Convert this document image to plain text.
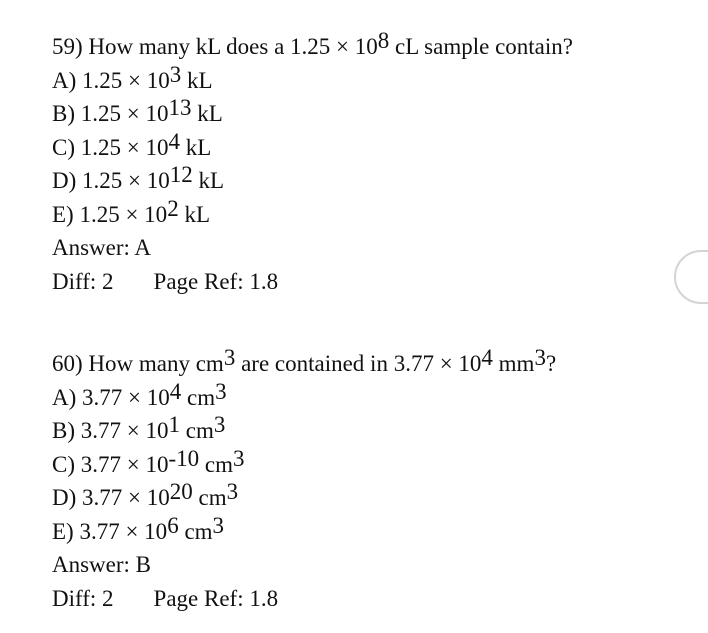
59) How many kL does a 1.25 × 108 cL sample contain?
A) 1.25 × 103 kL
B) 1.25 × 1013 kL
C) 1.25 × 104 kL
D) 1.25 × 1012 kL
E) 1.25 × 102 kL
Answer: A
Diff: 2 Page Ref: 1.8
60) How many cm3 are contained in 3.77 × 104 mm3?
A) 3.77 × 104 cm3
B) 3.77 × 101 cm3
C) 3.77 × 10-10 cm3
D) 3.77 × 1020 cm3
E) 3.77 × 106 cm3
Answer: B
Diff: 2 Page Ref: 1.8
